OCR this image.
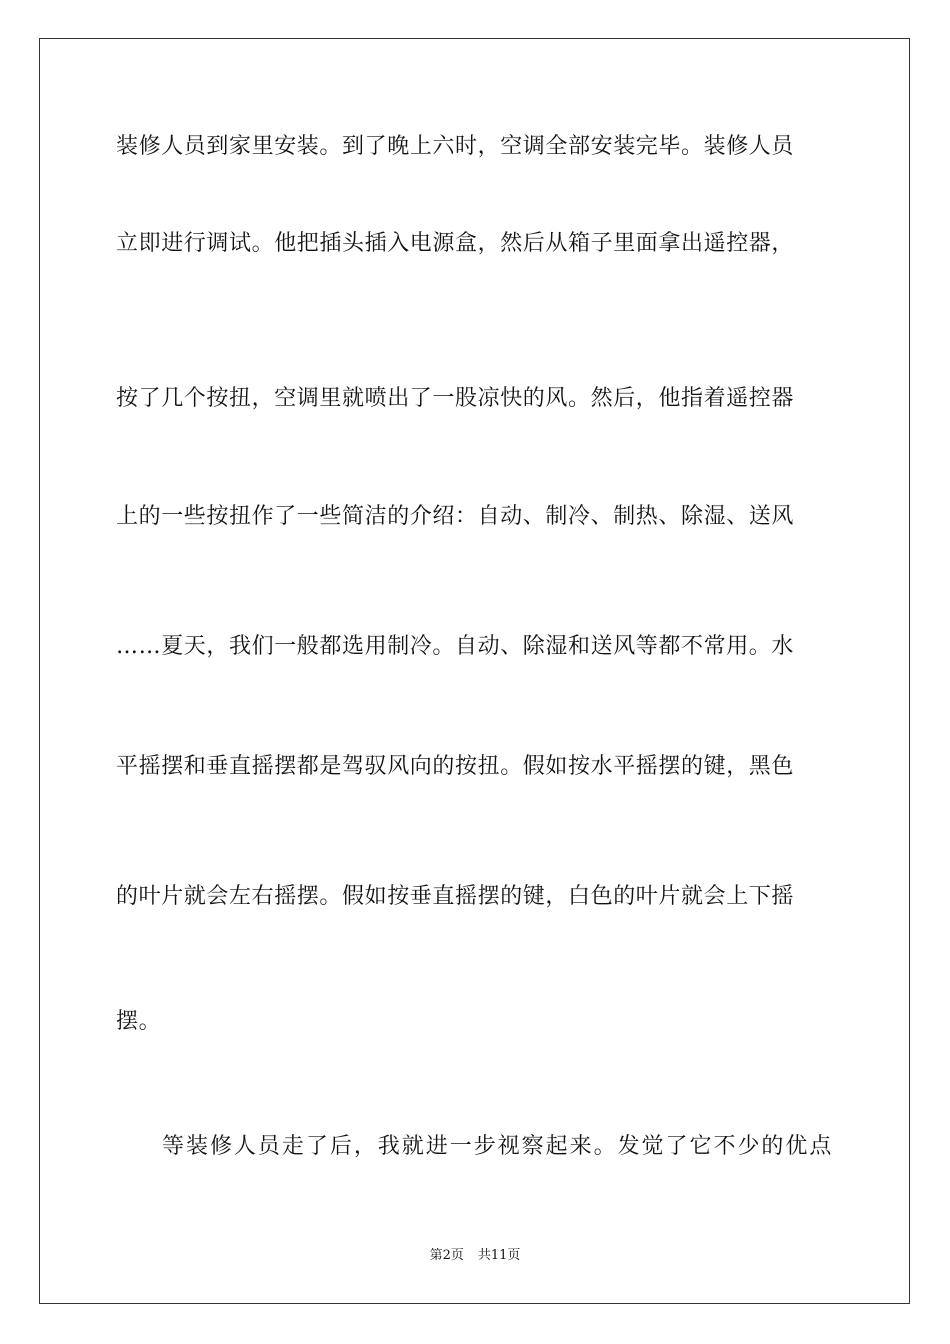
装修人员到家里安装。到了晚上六时，空调全部安装完毕。装修人员
立即进行调试。他把插头插入电源盒，然后从箱子里面拿出遥控器，
按了几个按扭，空调里就喷出了一股凉快的风。然后，他指着遥控器
上的一些按扭作了一些简洁的介绍：自动、制冷、制热、除湿、送风
……夏天，我们一般都选用制冷。自动、除湿和送风等都不常用。水
平摇摆和垂直摇摆都是驾驭风向的按扭。假如按水平摇摆的键，黑色
的叶片就会左右摇摆。假如按垂直摇摆的键，白色的叶片就会上下摇
摆。
等装修人员走了后，我就进一步视察起来。发觉了它不少的优点
第2页 共11页
